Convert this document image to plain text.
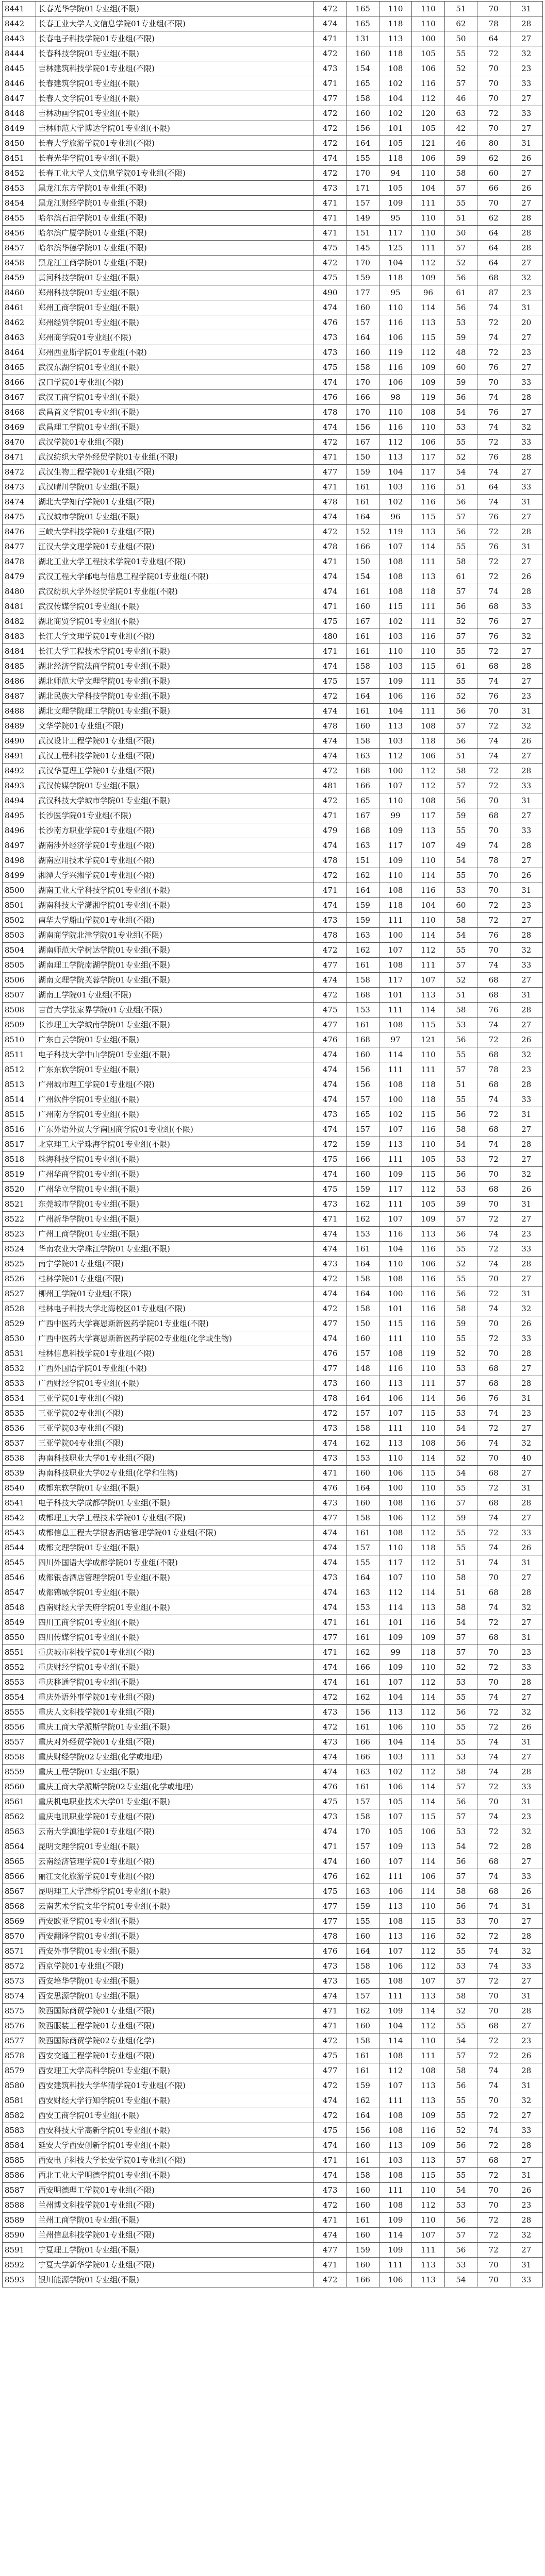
8441	长春光华学院01专业组(不限)	472	165	110	110	51	70	31
8442	长春工业大学人文信息学院01专业组(不限)	474	165	118	110	62	78	28
8443	长春电子科技学院01专业组(不限)	471	131	113	100	50	64	27
8444	长春科技学院01专业组(不限)	472	160	118	105	55	72	32
8445	吉林建筑科技学院01专业组(不限)	473	154	108	106	52	70	23
8446	长春建筑学院01专业组(不限)	471	165	102	116	57	70	33
8447	长春人文学院01专业组(不限)	477	158	104	112	46	70	27
8448	吉林动画学院01专业组(不限)	472	160	102	120	63	72	33
8449	吉林师范大学博达学院01专业组(不限)	472	156	101	105	42	70	27
8450	长春大学旅游学院01专业组(不限)	472	164	105	121	46	80	31
8451	长春光华学院01专业组(不限)	474	155	118	106	59	62	26
8452	长春工业大学人文信息学院01专业组(不限)	472	170	94	110	58	60	27
8453	黑龙江东方学院01专业组(不限)	473	171	105	104	57	66	26
8454	黑龙江财经学院01专业组(不限)	471	157	109	111	55	70	27
8455	哈尔滨石油学院01专业组(不限)	471	149	95	110	51	62	28
8456	哈尔滨广厦学院01专业组(不限)	471	151	117	110	50	64	28
8457	哈尔滨华德学院01专业组(不限)	475	145	125	111	57	64	28
8458	黑龙江工商学院01专业组(不限)	472	170	104	112	52	64	27
8459	黄河科技学院01专业组(不限)	475	159	118	109	56	68	32
8460	郑州科技学院01专业组(不限)	490	177	95	96	61	87	23
8461	郑州工商学院01专业组(不限)	474	160	110	114	56	74	31
8462	郑州经贸学院01专业组(不限)	476	157	116	113	53	72	20
8463	郑州商学院01专业组(不限)	473	164	106	115	59	74	27
8464	郑州西亚斯学院01专业组(不限)	473	160	119	112	48	72	23
8465	武汉东湖学院01专业组(不限)	475	158	116	109	60	76	27
8466	汉口学院01专业组(不限)	474	170	106	109	59	70	33
8467	武汉工商学院01专业组(不限)	476	166	98	119	56	74	28
8468	武昌首义学院01专业组(不限)	478	170	110	108	54	76	27
8469	武昌理工学院01专业组(不限)	474	156	116	110	53	74	32
8470	武汉学院01专业组(不限)	472	167	112	106	55	72	33
8471	武汉纺织大学外经贸学院01专业组(不限)	471	150	113	117	52	76	28
8472	武汉生物工程学院01专业组(不限)	477	159	104	117	54	74	27
8473	武汉晴川学院01专业组(不限)	471	161	103	116	51	64	33
8474	湖北大学知行学院01专业组(不限)	478	161	102	116	56	74	31
8475	武汉城市学院01专业组(不限)	474	164	96	115	57	76	27
8476	三峡大学科技学院01专业组(不限)	472	152	119	113	56	72	28
8477	江汉大学文理学院01专业组(不限)	478	166	107	114	55	76	31
8478	湖北工业大学工程技术学院01专业组(不限)	471	150	108	111	58	72	27
8479	武汉工程大学邮电与信息工程学院01专业组(不限)	474	154	108	113	61	72	26
8480	武汉纺织大学外经贸学院01专业组(不限)	474	161	108	118	57	74	28
8481	武汉传媒学院01专业组(不限)	471	160	115	111	56	68	33
8482	湖北商贸学院01专业组(不限)	475	167	102	111	52	76	27
8483	长江大学文理学院01专业组(不限)	480	161	103	116	57	76	32
8484	长江大学工程技术学院01专业组(不限)	471	161	110	110	55	72	27
8485	湖北经济学院法商学院01专业组(不限)	474	158	103	115	61	68	28
8486	湖北师范大学文理学院01专业组(不限)	475	157	109	111	55	74	27
8487	湖北民族大学科技学院01专业组(不限)	472	164	106	116	52	76	23
8488	湖北文理学院理工学院01专业组(不限)	474	161	104	111	56	70	31
8489	文华学院01专业组(不限)	478	160	113	108	57	72	32
8490	武汉设计工程学院01专业组(不限)	474	158	103	118	56	74	26
8491	武汉工程科技学院01专业组(不限)	474	163	112	106	51	74	27
8492	武汉华夏理工学院01专业组(不限)	472	168	100	112	58	72	28
8493	武汉传媒学院01专业组(不限)	481	166	107	112	57	72	33
8494	武汉科技大学城市学院01专业组(不限)	472	165	110	108	56	70	31
8495	长沙医学院01专业组(不限)	471	167	99	117	59	68	27
8496	长沙南方职业学院01专业组(不限)	479	168	109	113	55	70	33
8497	湖南涉外经济学院01专业组(不限)	474	163	117	107	49	74	28
8498	湖南应用技术学院01专业组(不限)	478	151	109	110	54	78	27
8499	湘潭大学兴湘学院01专业组(不限)	472	162	110	114	55	70	26
8500	湖南工业大学科技学院01专业组(不限)	471	164	108	116	53	70	31
8501	湖南科技大学潇湘学院01专业组(不限)	474	159	118	104	60	72	23
8502	南华大学船山学院01专业组(不限)	473	159	111	110	58	72	27
8503	湖南商学院北津学院01专业组(不限)	478	163	100	114	54	76	28
8504	湖南师范大学树达学院01专业组(不限)	472	162	107	112	55	70	32
8505	湖南理工学院南湖学院01专业组(不限)	477	161	108	111	57	74	33
8506	湖南文理学院芙蓉学院01专业组(不限)	474	158	117	107	52	68	27
8507	湖南工学院01专业组(不限)	472	168	101	113	51	68	31
8508	吉首大学张家界学院01专业组(不限)	475	153	111	114	58	76	28
8509	长沙理工大学城南学院01专业组(不限)	477	161	108	115	53	74	27
8510	广东白云学院01专业组(不限)	476	168	97	121	56	72	26
8511	电子科技大学中山学院01专业组(不限)	474	160	114	110	55	68	32
8512	广东东软学院01专业组(不限)	474	156	111	111	57	78	23
8513	广州城市理工学院01专业组(不限)	474	156	108	118	51	68	28
8514	广州软件学院01专业组(不限)	474	157	100	118	55	74	33
8515	广州南方学院01专业组(不限)	473	165	102	115	56	72	31
8516	广东外语外贸大学南国商学院01专业组(不限)	474	157	107	116	58	68	27
8517	北京理工大学珠海学院01专业组(不限)	472	159	113	110	54	74	28
8518	珠海科技学院01专业组(不限)	475	166	111	105	53	72	27
8519	广州华商学院01专业组(不限)	474	160	109	115	56	70	32
8520	广州华立学院01专业组(不限)	475	159	117	112	53	68	26
8521	东莞城市学院01专业组(不限)	473	162	111	105	59	70	31
8522	广州新华学院01专业组(不限)	471	162	107	109	57	72	27
8523	广州工商学院01专业组(不限)	474	153	116	113	56	74	23
8524	华南农业大学珠江学院01专业组(不限)	474	161	104	116	55	72	33
8525	南宁学院01专业组(不限)	473	164	110	106	52	74	28
8526	桂林学院01专业组(不限)	472	158	108	116	55	70	27
8527	柳州工学院01专业组(不限)	474	164	100	116	56	72	31
8528	桂林电子科技大学北海校区01专业组(不限)	472	158	101	116	58	74	32
8529	广西中医药大学赛恩斯新医药学院01专业组(不限)	477	150	115	116	59	70	26
8530	广西中医药大学赛恩斯新医药学院02专业组(化学或生物)	474	160	111	110	55	72	33
8531	桂林信息科技学院01专业组(不限)	476	157	108	119	52	70	28
8532	广西外国语学院01专业组(不限)	477	148	116	110	53	68	27
8533	广西财经学院01专业组(不限)	473	160	113	111	57	68	28
8534	三亚学院01专业组(不限)	478	164	106	114	56	76	31
8535	三亚学院02专业组(不限)	472	157	107	115	53	74	23
8536	三亚学院03专业组(不限)	473	158	111	110	54	72	27
8537	三亚学院04专业组(不限)	474	162	113	108	56	74	32
8538	海南科技职业大学01专业组(不限)	473	153	110	114	52	70	40
8539	海南科技职业大学02专业组(化学和生物)	471	160	106	115	54	68	27
8540	成都东软学院01专业组(不限)	476	164	100	110	55	72	31
8541	电子科技大学成都学院01专业组(不限)	473	160	108	116	57	68	28
8542	成都理工大学工程技术学院01专业组(不限)	477	158	106	112	59	74	27
8543	成都信息工程大学银杏酒店管理学院01专业组(不限)	474	161	108	112	55	72	33
8544	成都文理学院01专业组(不限)	474	157	110	118	55	74	26
8545	四川外国语大学成都学院01专业组(不限)	474	155	117	112	51	74	31
8546	成都银杏酒店管理学院01专业组(不限)	473	164	107	110	58	70	27
8547	成都锦城学院01专业组(不限)	474	163	112	114	51	68	28
8548	西南财经大学天府学院01专业组(不限)	474	153	114	113	58	74	32
8549	四川工商学院01专业组(不限)	471	161	101	116	54	72	27
8550	四川传媒学院01专业组(不限)	477	161	109	109	57	68	31
8551	重庆城市科技学院01专业组(不限)	471	162	99	118	57	70	23
8552	重庆财经学院01专业组(不限)	474	166	109	110	52	72	33
8553	重庆移通学院01专业组(不限)	474	161	107	112	53	70	28
8554	重庆外语外事学院01专业组(不限)	472	162	104	114	55	74	27
8555	重庆人文科技学院01专业组(不限)	473	156	113	112	56	72	32
8556	重庆工商大学派斯学院01专业组(不限)	472	161	106	110	55	72	26
8557	重庆对外经贸学院01专业组(不限)	473	166	104	114	55	74	31
8558	重庆财经学院02专业组(化学或地理)	474	166	103	111	53	74	27
8559	重庆工程学院01专业组(不限)	474	163	102	112	58	74	28
8560	重庆工商大学派斯学院02专业组(化学或地理)	476	161	106	114	57	72	33
8561	重庆机电职业技术大学01专业组(不限)	475	157	105	114	56	70	31
8562	重庆电讯职业学院01专业组(不限)	473	158	107	115	57	74	23
8563	云南大学滇池学院01专业组(不限)	474	170	105	106	53	72	32
8564	昆明文理学院01专业组(不限)	471	157	109	113	54	72	28
8565	云南经济管理学院01专业组(不限)	474	160	107	114	56	68	27
8566	丽江文化旅游学院01专业组(不限)	476	162	111	106	57	74	33
8567	昆明理工大学津桥学院01专业组(不限)	475	163	106	114	58	68	26
8568	云南艺术学院文华学院01专业组(不限)	477	159	113	110	56	74	31
8569	西安欧亚学院01专业组(不限)	477	155	108	115	53	70	27
8570	西安翻译学院01专业组(不限)	478	160	113	116	52	72	28
8571	西安外事学院01专业组(不限)	476	164	107	112	55	74	32
8572	西京学院01专业组(不限)	473	158	106	112	53	74	33
8573	西安培华学院01专业组(不限)	473	165	108	107	57	72	27
8574	西安思源学院01专业组(不限)	474	157	111	113	58	70	31
8575	陕西国际商贸学院01专业组(不限)	471	162	109	114	52	70	28
8576	陕西服装工程学院01专业组(不限)	471	160	104	112	55	68	27
8577	陕西国际商贸学院02专业组(化学)	472	158	114	110	54	72	23
8578	西安交通工程学院01专业组(不限)	475	161	108	111	57	72	26
8579	西安理工大学高科学院01专业组(不限)	477	161	112	108	58	74	28
8580	西安建筑科技大学华清学院01专业组(不限)	472	159	107	113	56	74	31
8581	西安财经大学行知学院01专业组(不限)	474	162	111	113	55	70	32
8582	西安工商学院01专业组(不限)	472	164	108	109	55	72	27
8583	西安科技大学高新学院01专业组(不限)	475	156	108	116	52	74	33
8584	延安大学西安创新学院01专业组(不限)	474	160	113	109	56	72	28
8585	西安电子科技大学长安学院01专业组(不限)	471	161	103	113	57	68	27
8586	西北工业大学明德学院01专业组(不限)	474	158	108	115	55	72	31
8587	西安明德理工学院01专业组(不限)	473	160	111	110	54	70	26
8588	兰州博文科技学院01专业组(不限)	472	160	108	112	53	70	23
8589	兰州工商学院01专业组(不限)	471	161	109	110	56	72	28
8590	兰州信息科技学院01专业组(不限)	474	160	114	107	57	72	32
8591	宁夏理工学院01专业组(不限)	477	159	109	111	56	72	27
8592	宁夏大学新华学院01专业组(不限)	471	160	111	113	53	70	31
8593	银川能源学院01专业组(不限)	472	166	106	113	54	70	33
